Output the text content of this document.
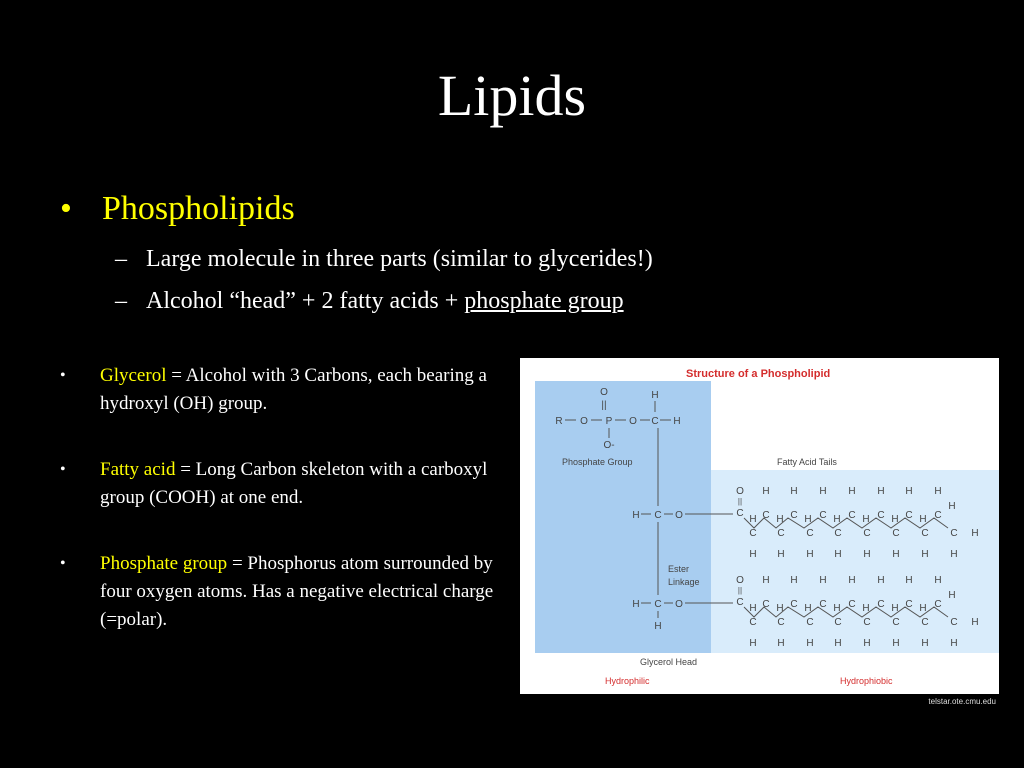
Lipids
• Phospholipids
– Large molecule in three parts (similar to glycerides!)
– Alcohol “head” + 2 fatty acids + phosphate group
• Glycerol = Alcohol with 3 Carbons, each bearing a hydroxyl (OH) group.
• Fatty acid = Long Carbon skeleton with a carboxyl group (COOH) at one end.
• Phosphate group = Phosphorus atom surrounded by four oxygen atoms. Has a negative electrical charge (=polar).
Structure of a Phospholipid
O
||
R O P O C H
H
O-
Phosphate Group
H C O
H C O
H
Ester
Linkage
Fatty Acid Tails
O
||
C
H C
H
C
H
H C
H
C
H
H C
H
C
H
H C
H
C
H
H C
H
C
H
H C
H
C
H
H C
H
C
H
H
C H
H
O
||
C
H C
H
C
H
H C
H
C
H
H C
H
C
H
H C
H
C
H
H C
H
C
H
H C
H
C
H
H C
H
C
H
H
C H
H
Glycerol Head
Hydrophilic	Hydrophiobic
telstar.ote.cmu.edu
